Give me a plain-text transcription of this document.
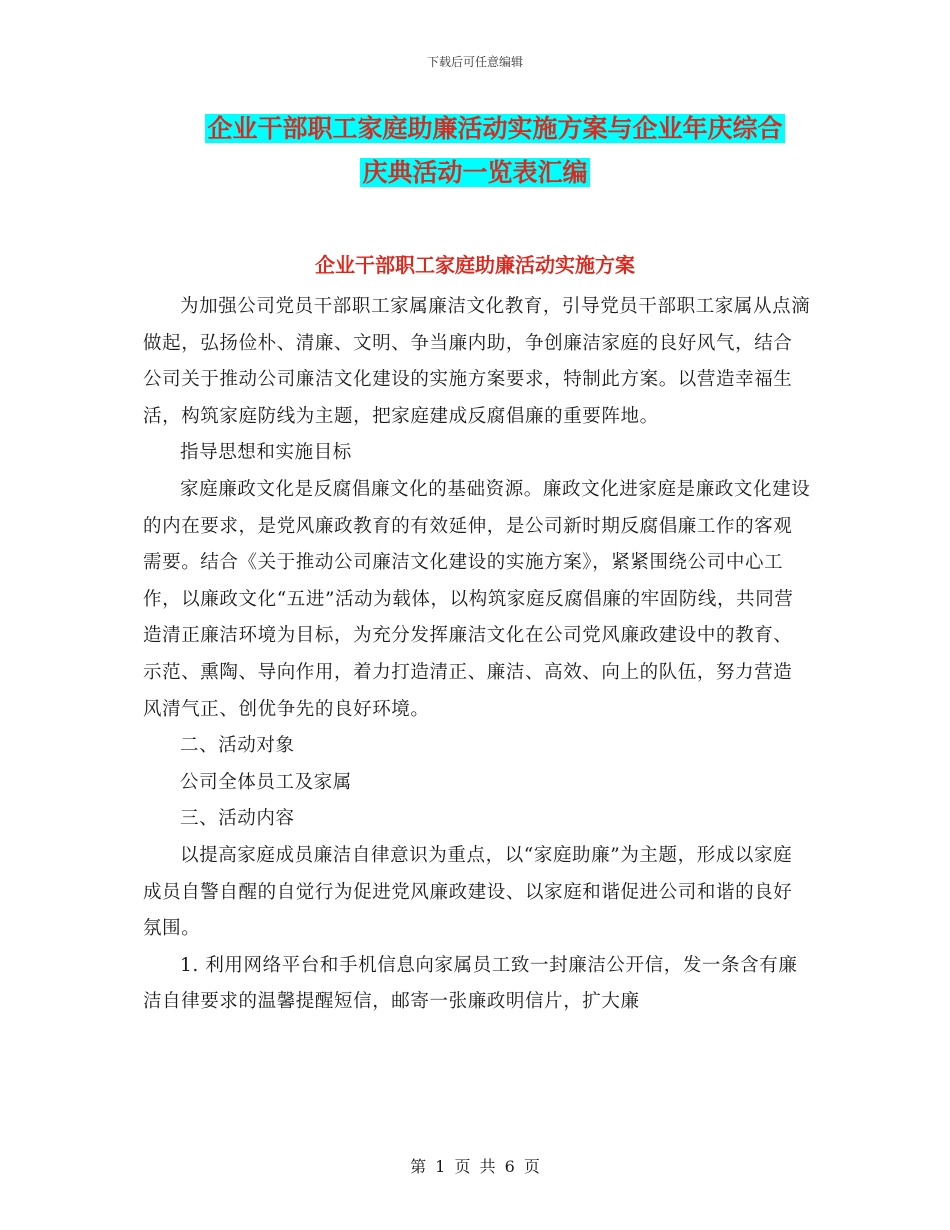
下载后可任意编辑
企业干部职工家庭助廉活动实施方案与企业年庆综合
庆典活动一览表汇编
企业干部职工家庭助廉活动实施方案

为加强公司党员干部职工家属廉洁文化教育，引导党员干部职工家属从点滴做起，弘扬俭朴、清廉、文明、争当廉内助，争创廉洁家庭的良好风气，结合公司关于推动公司廉洁文化建设的实施方案要求，特制此方案。以营造幸福生活，构筑家庭防线为主题，把家庭建成反腐倡廉的重要阵地。

指导思想和实施目标

家庭廉政文化是反腐倡廉文化的基础资源。廉政文化进家庭是廉政文化建设的内在要求，是党风廉政教育的有效延伸，是公司新时期反腐倡廉工作的客观需要。结合《关于推动公司廉洁文化建设的实施方案》，紧紧围绕公司中心工作，以廉政文化“五进”活动为载体，以构筑家庭反腐倡廉的牢固防线，共同营造清正廉洁环境为目标，为充分发挥廉洁文化在公司党风廉政建设中的教育、示范、熏陶、导向作用，着力打造清正、廉洁、高效、向上的队伍，努力营造风清气正、创优争先的良好环境。

二、活动对象

公司全体员工及家属

三、活动内容

以提高家庭成员廉洁自律意识为重点，以“家庭助廉”为主题，形成以家庭成员自警自醒的自觉行为促进党风廉政建设、以家庭和谐促进公司和谐的良好氛围。

1. 利用网络平台和手机信息向家属员工致一封廉洁公开信，发一条含有廉洁自律要求的温馨提醒短信，邮寄一张廉政明信片，扩大廉

第 1 页 共 6 页
